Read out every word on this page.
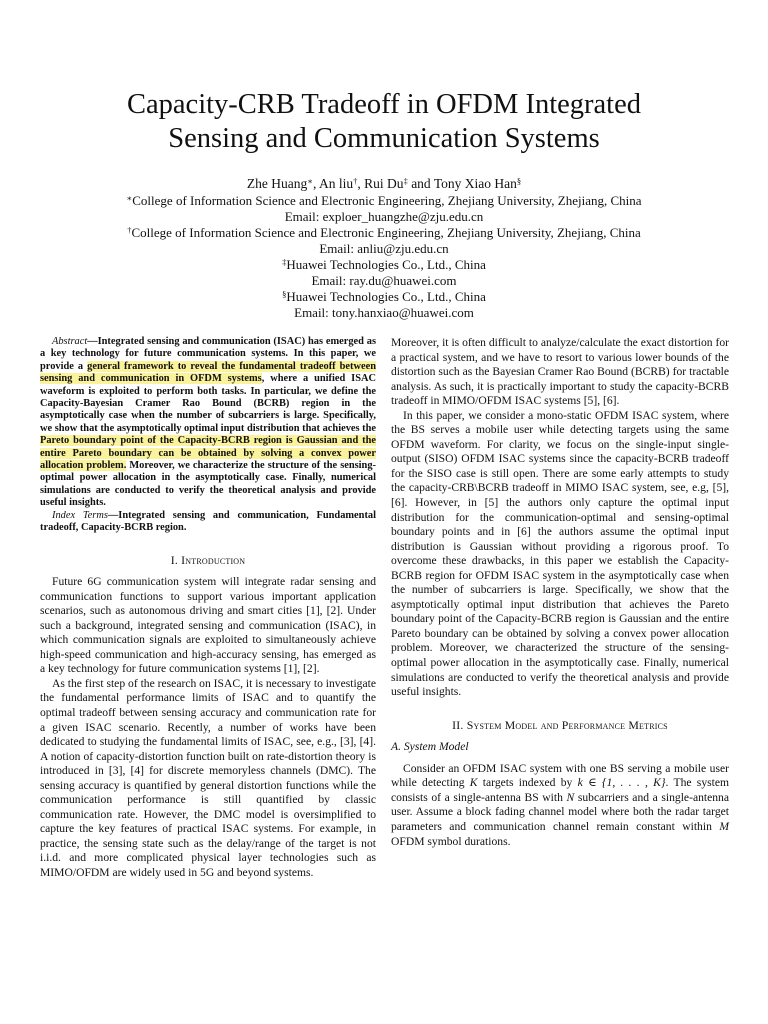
Capacity-CRB Tradeoff in OFDM Integrated
Sensing and Communication Systems
Zhe Huang∗, An liu†, Rui Du‡ and Tony Xiao Han§
∗College of Information Science and Electronic Engineering, Zhejiang University, Zhejiang, China
Email: exploer_huangzhe@zju.edu.cn
†College of Information Science and Electronic Engineering, Zhejiang University, Zhejiang, China
Email: anliu@zju.edu.cn
‡Huawei Technologies Co., Ltd., China
Email: ray.du@huawei.com
§Huawei Technologies Co., Ltd., China
Email: tony.hanxiao@huawei.com

Abstract—Integrated sensing and communication (ISAC) has emerged as a key technology for future communication systems. In this paper, we provide a general framework to reveal the fundamental tradeoff between sensing and communication in OFDM systems, where a unified ISAC waveform is exploited to perform both tasks. In particular, we define the Capacity-Bayesian Cramer Rao Bound (BCRB) region in the asymptotically case when the number of subcarriers is large. Specifically, we show that the asymptotically optimal input distribution that achieves the Pareto boundary point of the Capacity-BCRB region is Gaussian and the entire Pareto boundary can be obtained by solving a convex power allocation problem. Moreover, we characterize the structure of the sensing-optimal power allocation in the asymptotically case. Finally, numerical simulations are conducted to verify the theoretical analysis and provide useful insights.

Index Terms—Integrated sensing and communication, Fundamental tradeoff, Capacity-BCRB region.

I. Introduction

Future 6G communication system will integrate radar sensing and communication functions to support various important application scenarios, such as autonomous driving and smart cities [1], [2]. Under such a background, integrated sensing and communication (ISAC), in which communication signals are exploited to simultaneously achieve high-speed communication and high-accuracy sensing, has emerged as a key technology for future communication systems [1], [2].

As the first step of the research on ISAC, it is necessary to investigate the fundamental performance limits of ISAC and to quantify the optimal tradeoff between sensing accuracy and communication rate for a given ISAC scenario. Recently, a number of works have been dedicated to studying the fundamental limits of ISAC, see, e.g., [3], [4]. A notion of capacity-distortion function built on rate-distortion theory is introduced in [3], [4] for discrete memoryless channels (DMC). The sensing accuracy is quantified by general distortion functions while the communication performance is still quantified by classic communication rate. However, the DMC model is oversimplified to capture the key features of practical ISAC systems. For example, in practice, the sensing state such as the delay/range of the target is not i.i.d. and more complicated physical layer technologies such as MIMO/OFDM are widely used in 5G and beyond systems.

Moreover, it is often difficult to analyze/calculate the exact distortion for a practical system, and we have to resort to various lower bounds of the distortion such as the Bayesian Cramer Rao Bound (BCRB) for tractable analysis. As such, it is practically important to study the capacity-BCRB tradeoff in MIMO/OFDM ISAC systems [5], [6].

In this paper, we consider a mono-static OFDM ISAC system, where the BS serves a mobile user while detecting targets using the same OFDM waveform. For clarity, we focus on the single-input single-output (SISO) OFDM ISAC systems since the capacity-BCRB tradeoff for the SISO case is still open. There are some early attempts to study the capacity-CRB\BCRB tradeoff in MIMO ISAC system, see, e.g, [5], [6]. However, in [5] the authors only capture the optimal input distribution for the communication-optimal and sensing-optimal boundary points and in [6] the authors assume the optimal input distribution is Gaussian without providing a rigorous proof. To overcome these drawbacks, in this paper we establish the Capacity-BCRB region for OFDM ISAC system in the asymptotically case when the number of subcarriers is large. Specifically, we show that the asymptotically optimal input distribution that achieves the Pareto boundary point of the Capacity-BCRB region is Gaussian and the entire Pareto boundary can be obtained by solving a convex power allocation problem. Moreover, we characterized the structure of the sensing-optimal power allocation in the asymptotically case. Finally, numerical simulations are conducted to verify the theoretical analysis and provide useful insights.

II. System Model and Performance Metrics
A. System Model

Consider an OFDM ISAC system with one BS serving a mobile user while detecting K targets indexed by k ∈ {1, . . . , K}. The system consists of a single-antenna BS with N subcarriers and a single-antenna user. Assume a block fading channel model where both the radar target parameters and communication channel remain constant within M OFDM symbol durations.
